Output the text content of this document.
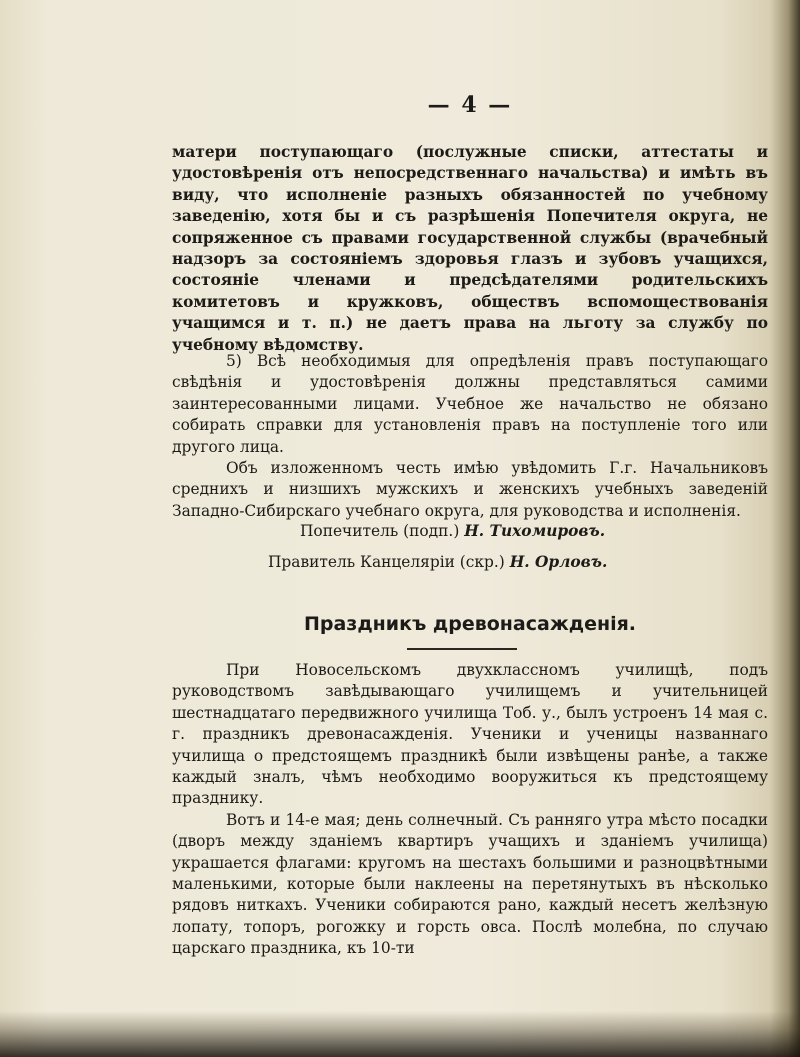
— 4 —

матери поступающаго (послужные списки, аттестаты и удостовѣренія отъ непосредственнаго начальства) и имѣть въ виду, что исполненіе разныхъ обязанностей по учебному заведенію, хотя бы и съ разрѣшенія Попечителя округа, не сопряженное съ правами государственной службы (врачебный надзоръ за состояніемъ здоровья глазъ и зубовъ учащихся, состояніе членами и предсѣдателями родительскихъ комитетовъ и кружковъ, обществъ вспомоществованія учащимся и т. п.) не даетъ права на льготу за службу по учебному вѣдомству.

5) Всѣ необходимыя для опредѣленія правъ поступающаго свѣдѣнія и удостовѣренія должны представляться самими заинтересованными лицами. Учебное же начальство не обязано собирать справки для установленія правъ на поступленіе того или другого лица.

Объ изложенномъ честь имѣю увѣдомить Г.г. Начальниковъ среднихъ и низшихъ мужскихъ и женскихъ учебныхъ заведеній Западно-Сибирскаго учебнаго округа, для руководства и исполненія.

Попечитель (подп.) Н. Тихомировъ.
Правитель Канцеляріи (скр.) Н. Орловъ.
Праздникъ древонасажденія.

При Новосельскомъ двухклассномъ училищѣ, подъ руководствомъ завѣдывающаго училищемъ и учительницей шестнадцатаго передвижного училища Тоб. у., былъ устроенъ 14 мая с. г. праздникъ древонасажденія. Ученики и ученицы названнаго училища о предстоящемъ праздникѣ были извѣщены ранѣе, а также каждый зналъ, чѣмъ необходимо вооружиться къ предстоящему празднику.

Вотъ и 14-е мая; день солнечный. Съ ранняго утра мѣсто посадки (дворъ между зданіемъ квартиръ учащихъ и зданіемъ училища) украшается флагами: кругомъ на шестахъ большими и разноцвѣтными маленькими, которые были наклеены на перетянутыхъ въ нѣсколько рядовъ ниткахъ. Ученики собираются рано, каждый несетъ желѣзную лопату, топоръ, рогожку и горсть овса. Послѣ молебна, по случаю царскаго праздника, къ 10-ти
